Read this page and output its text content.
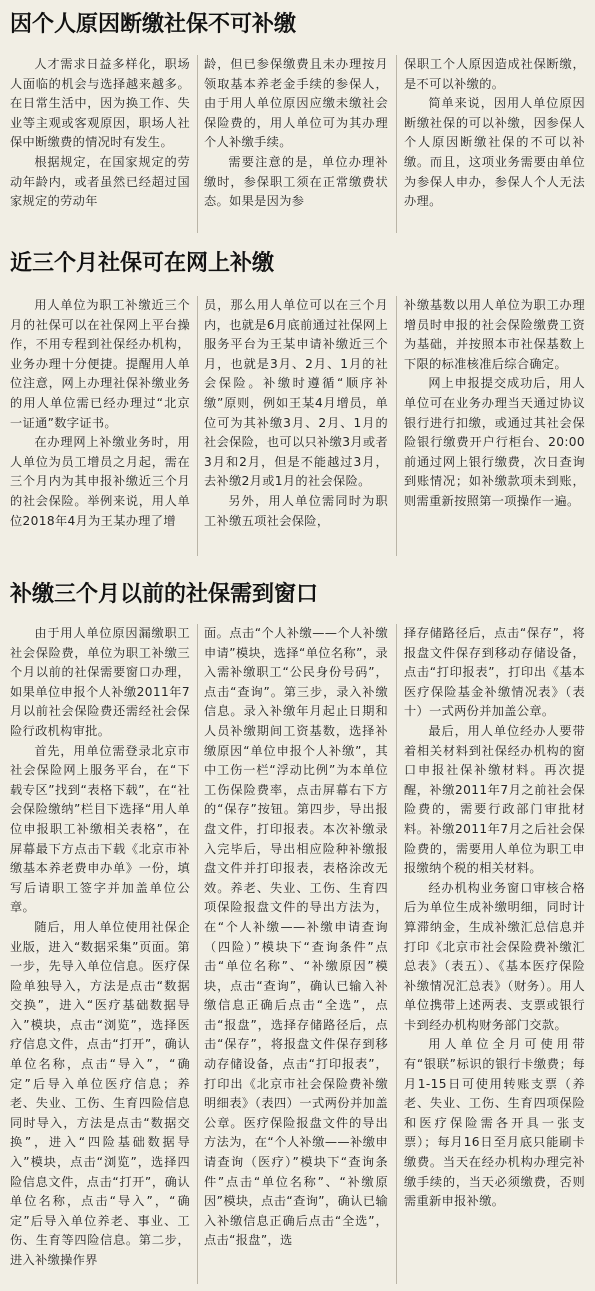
因个人原因断缴社保不可补缴

人才需求日益多样化，职场人面临的机会与选择越来越多。在日常生活中，因为换工作、失业等主观或客观原因，职场人社保中断缴费的情况时有发生。

根据规定，在国家规定的劳动年龄内，或者虽然已经超过国家规定的劳动年

龄，但已参保缴费且未办理按月领取基本养老金手续的参保人，由于用人单位原因应缴未缴社会保险费的，用人单位可为其办理个人补缴手续。

需要注意的是，单位办理补缴时，参保职工须在正常缴费状态。如果是因为参

保职工个人原因造成社保断缴，是不可以补缴的。

简单来说，因用人单位原因断缴社保的可以补缴，因参保人个人原因断缴社保的不可以补缴。而且，这项业务需要由单位为参保人申办，参保人个人无法办理。

近三个月社保可在网上补缴

用人单位为职工补缴近三个月的社保可以在社保网上平台操作，不用专程到社保经办机构，业务办理十分便捷。提醒用人单位注意，网上办理社保补缴业务的用人单位需已经办理过“北京一证通”数字证书。

在办理网上补缴业务时，用人单位为员工增员之月起，需在三个月内为其申报补缴近三个月的社会保险。举例来说，用人单位2018年4月为王某办理了增

员，那么用人单位可以在三个月内，也就是6月底前通过社保网上服务平台为王某申请补缴近三个月，也就是3月、2月、1月的社会保险。补缴时遵循“顺序补缴”原则，例如王某4月增员，单位可为其补缴3月、2月、1月的社会保险，也可以只补缴3月或者3月和2月，但是不能越过3月，去补缴2月或1月的社会保险。

另外，用人单位需同时为职工补缴五项社会保险，

补缴基数以用人单位为职工办理增员时申报的社会保险缴费工资为基础，并按照本市社保基数上下限的标准核准后综合确定。

网上申报提交成功后，用人单位可在业务办理当天通过协议银行进行扣缴，或通过其社会保险银行缴费开户行柜台、20:00前通过网上银行缴费，次日查询到账情况；如补缴款项未到账，则需重新按照第一项操作一遍。

补缴三个月以前的社保需到窗口

由于用人单位原因漏缴职工社会保险费，单位为职工补缴三个月以前的社保需要窗口办理，如果单位申报个人补缴2011年7月以前社会保险费还需经社会保险行政机构审批。

首先，用单位需登录北京市社会保险网上服务平台，在“下载专区”找到“表格下载”，在“社会保险缴纳”栏目下选择“用人单位申报职工补缴相关表格”，在屏幕最下方点击下载《北京市补缴基本养老费申办单》一份，填写后请职工签字并加盖单位公章。

随后，用人单位使用社保企业版，进入“数据采集”页面。第一步，先导入单位信息。医疗保险单独导入，方法是点击“数据交换”，进入“医疗基础数据导入”模块，点击“浏览”，选择医疗信息文件，点击“打开”，确认单位名称，点击“导入”，“确定”后导入单位医疗信息；养老、失业、工伤、生育四险信息同时导入，方法是点击“数据交换”，进入“四险基础数据导入”模块，点击“浏览”，选择四险信息文件，点击“打开”，确认单位名称，点击“导入”，“确定”后导入单位养老、事业、工伤、生育等四险信息。第二步，进入补缴操作界

面。点击“个人补缴——个人补缴申请”模块，选择“单位名称”，录入需补缴职工“公民身份号码”，点击“查询”。第三步，录入补缴信息。录入补缴年月起止日期和人员补缴期间工资基数，选择补缴原因“单位申报个人补缴”，其中工伤一栏“浮动比例”为本单位工伤保险费率，点击屏幕右下方的“保存”按钮。第四步，导出报盘文件，打印报表。本次补缴录入完毕后，导出相应险种补缴报盘文件并打印报表，表格涂改无效。养老、失业、工伤、生育四项保险报盘文件的导出方法为，在“个人补缴——补缴申请查询（四险）”模块下“查询条件”点击“单位名称”、“补缴原因”模块，点击“查询”，确认已输入补缴信息正确后点击“全选”，点击“报盘”，选择存储路径后，点击“保存”，将报盘文件保存到移动存储设备，点击“打印报表”，打印出《北京市社会保险费补缴明细表》（表四）一式两份并加盖公章。医疗保险报盘文件的导出方法为，在“个人补缴——补缴申请查询（医疗）”模块下“查询条件”点击“单位名称”、“补缴原因”模块，点击“查询”，确认已输入补缴信息正确后点击“全选”，点击“报盘”，选

择存储路径后，点击“保存”，将报盘文件保存到移动存储设备，点击“打印报表”，打印出《基本医疗保险基金补缴情况表》（表十）一式两份并加盖公章。

最后，用人单位经办人要带着相关材料到社保经办机构的窗口申报社保补缴材料。再次提醒，补缴2011年7月之前社会保险费的，需要行政部门审批材料。补缴2011年7月之后社会保险费的，需要用人单位为职工申报缴纳个税的相关材料。

经办机构业务窗口审核合格后为单位生成补缴明细，同时计算滞纳金，生成补缴汇总信息并打印《北京市社会保险费补缴汇总表》（表五）、《基本医疗保险补缴情况汇总表》（财务）。用人单位携带上述两表、支票或银行卡到经办机构财务部门交款。

用人单位全月可使用带有“银联”标识的银行卡缴费；每月1-15日可使用转账支票（养老、失业、工伤、生育四项保险和医疗保险需各开具一张支票）；每月16日至月底只能刷卡缴费。当天在经办机构办理完补缴手续的，当天必须缴费，否则需重新申报补缴。
